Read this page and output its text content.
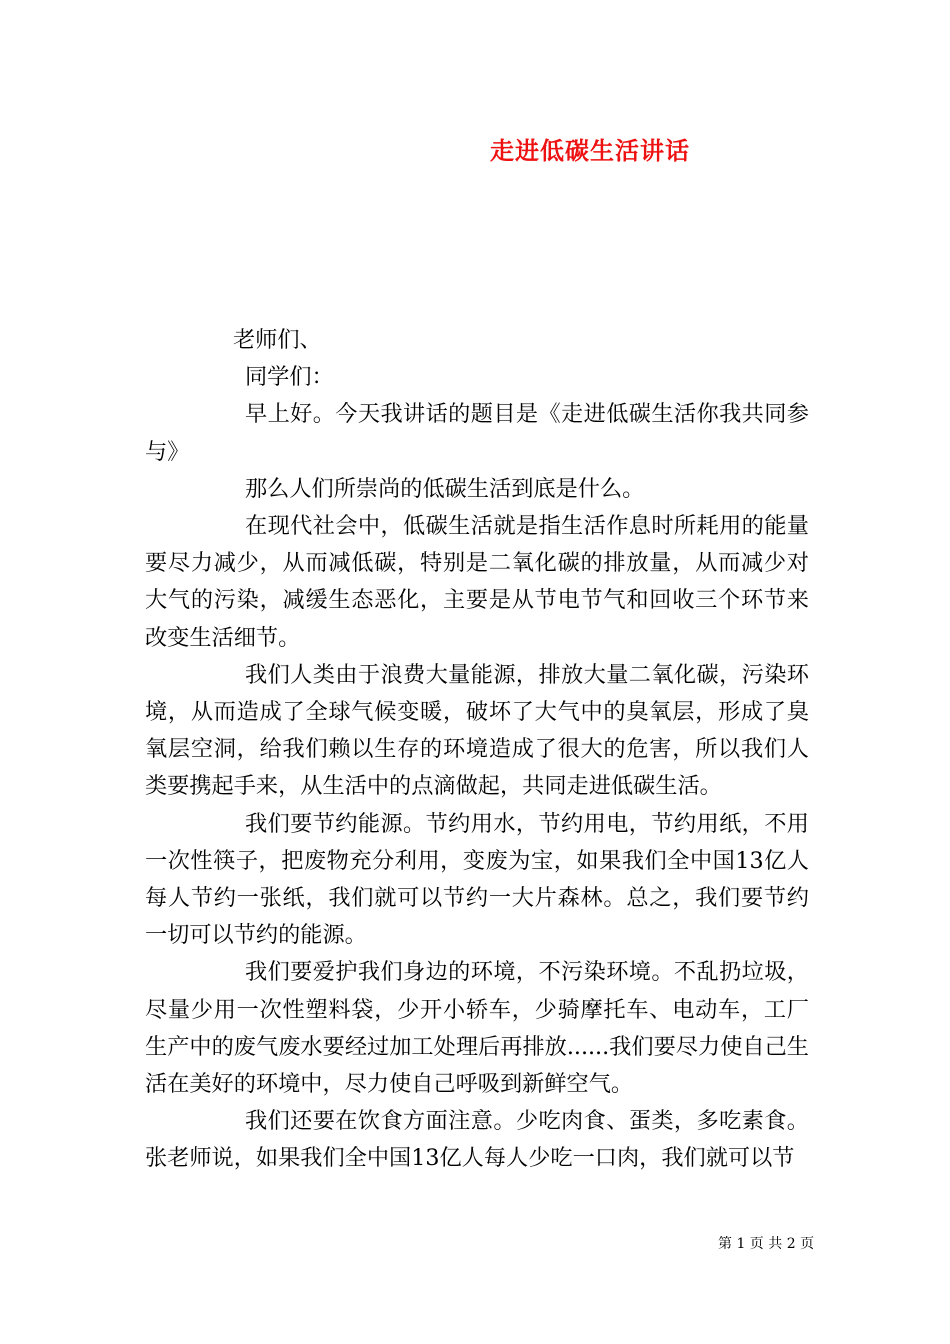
走进低碳生活讲话

老师们、

同学们：

早上好。今天我讲话的题目是《走进低碳生活你我共同参与》

那么人们所崇尚的低碳生活到底是什么。

在现代社会中，低碳生活就是指生活作息时所耗用的能量要尽力减少，从而减低碳，特别是二氧化碳的排放量，从而减少对大气的污染，减缓生态恶化，主要是从节电节气和回收三个环节来改变生活细节。

我们人类由于浪费大量能源，排放大量二氧化碳，污染环境，从而造成了全球气候变暖，破坏了大气中的臭氧层，形成了臭氧层空洞，给我们赖以生存的环境造成了很大的危害，所以我们人类要携起手来，从生活中的点滴做起，共同走进低碳生活。

我们要节约能源。节约用水，节约用电，节约用纸，不用一次性筷子，把废物充分利用，变废为宝，如果我们全中国13亿人每人节约一张纸，我们就可以节约一大片森林。总之，我们要节约一切可以节约的能源。

我们要爱护我们身边的环境，不污染环境。不乱扔垃圾，尽量少用一次性塑料袋，少开小轿车，少骑摩托车、电动车，工厂生产中的废气废水要经过加工处理后再排放......我们要尽力使自己生活在美好的环境中，尽力使自己呼吸到新鲜空气。

我们还要在饮食方面注意。少吃肉食、蛋类，多吃素食。张老师说，如果我们全中国13亿人每人少吃一口肉，我们就可以节

第 1 页 共 2 页
